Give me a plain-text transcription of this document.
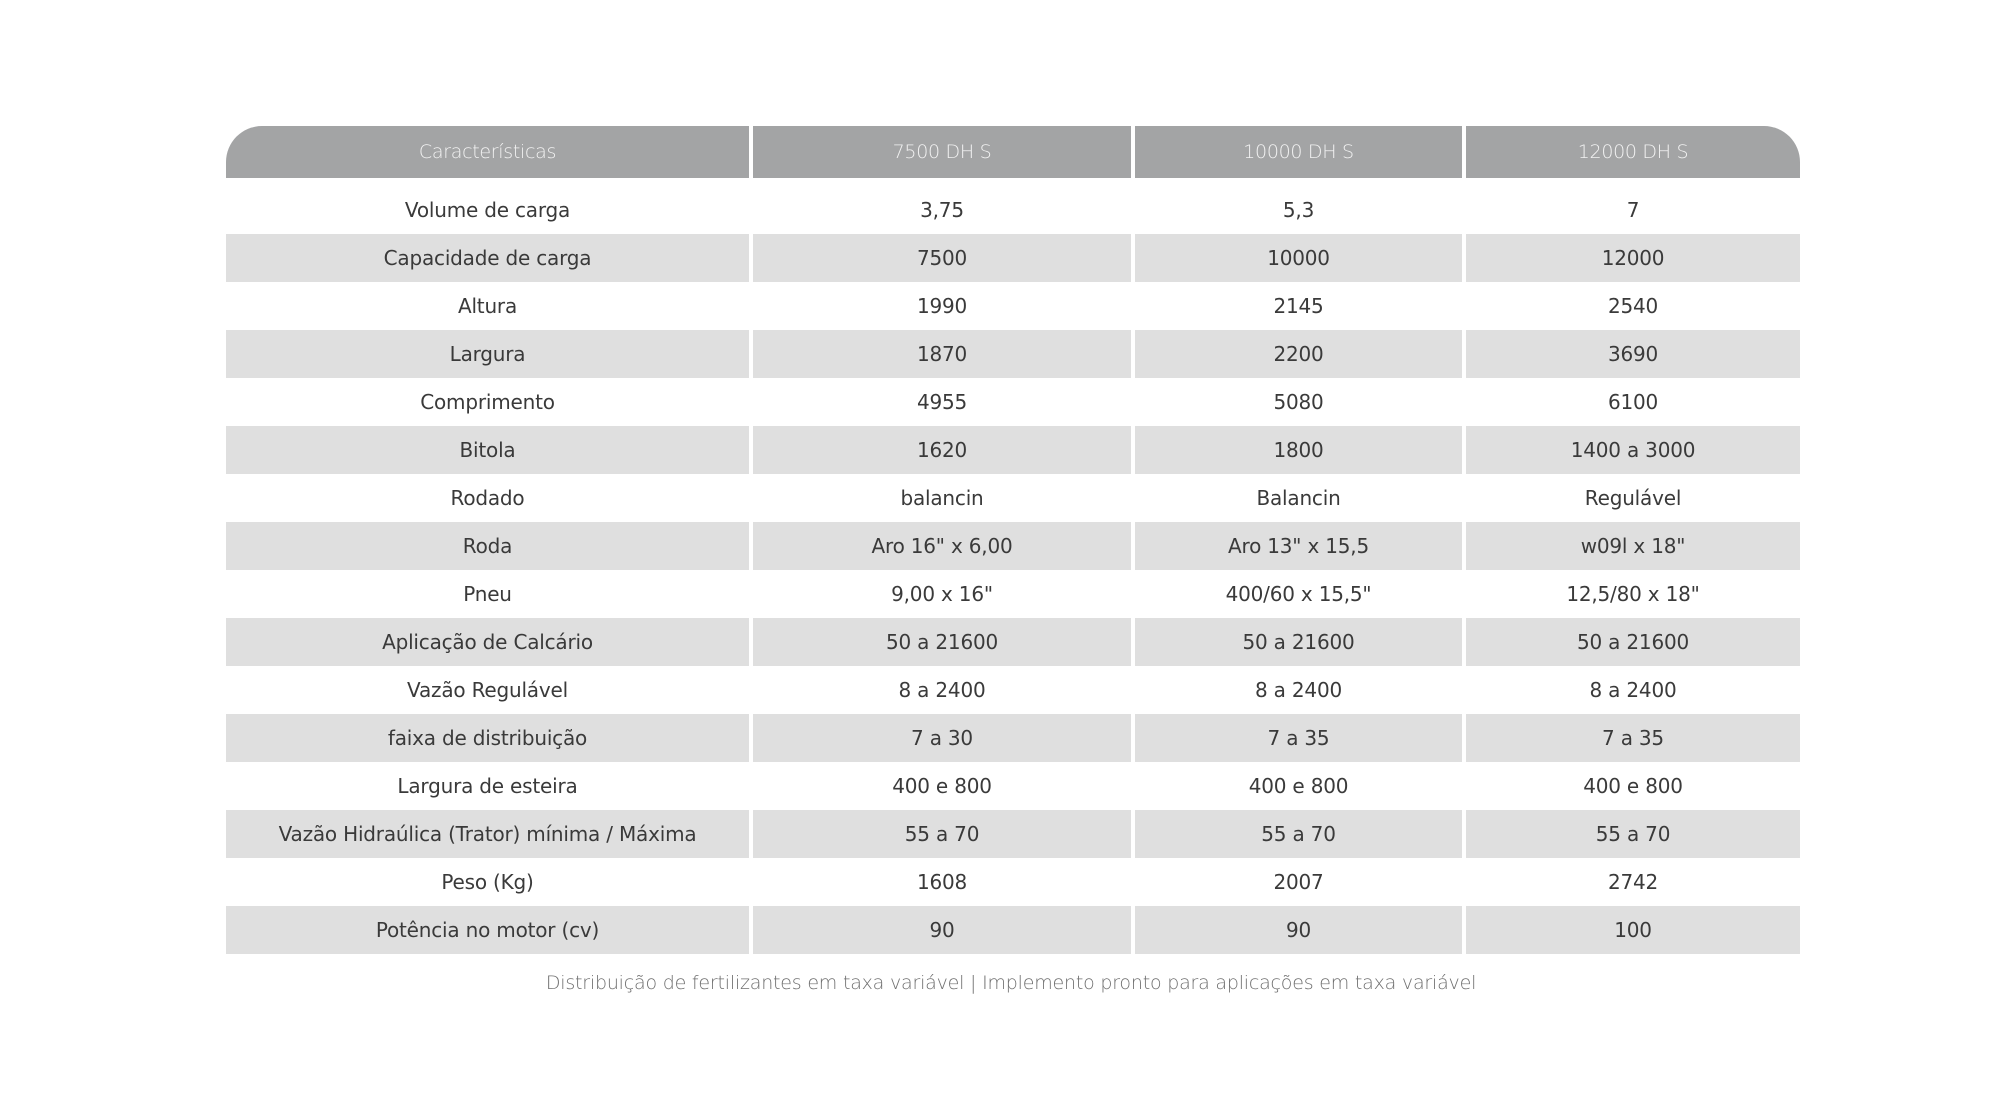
Características	7500 DH S	10000 DH S	12000 DH S
Volume de carga	3,75	5,3	7
Capacidade de carga	7500	10000	12000
Altura	1990	2145	2540
Largura	1870	2200	3690
Comprimento	4955	5080	6100
Bitola	1620	1800	1400 a 3000
Rodado	balancin	Balancin	Regulável
Roda	Aro 16" x 6,00	Aro 13" x 15,5	w09l x 18"
Pneu	9,00 x 16"	400/60 x 15,5"	12,5/80 x 18"
Aplicação de Calcário	50 a 21600	50 a 21600	50 a 21600
Vazão Regulável	8 a 2400	8 a 2400	8 a 2400
faixa de distribuição	7 a 30	7 a 35	7 a 35
Largura de esteira	400 e 800	400 e 800	400 e 800
Vazão Hidraúlica (Trator) mínima / Máxima	55 a 70	55 a 70	55 a 70
Peso (Kg)	1608	2007	2742
Potência no motor (cv)	90	90	100
Distribuição de fertilizantes em taxa variável | Implemento pronto para aplicações em taxa variável
